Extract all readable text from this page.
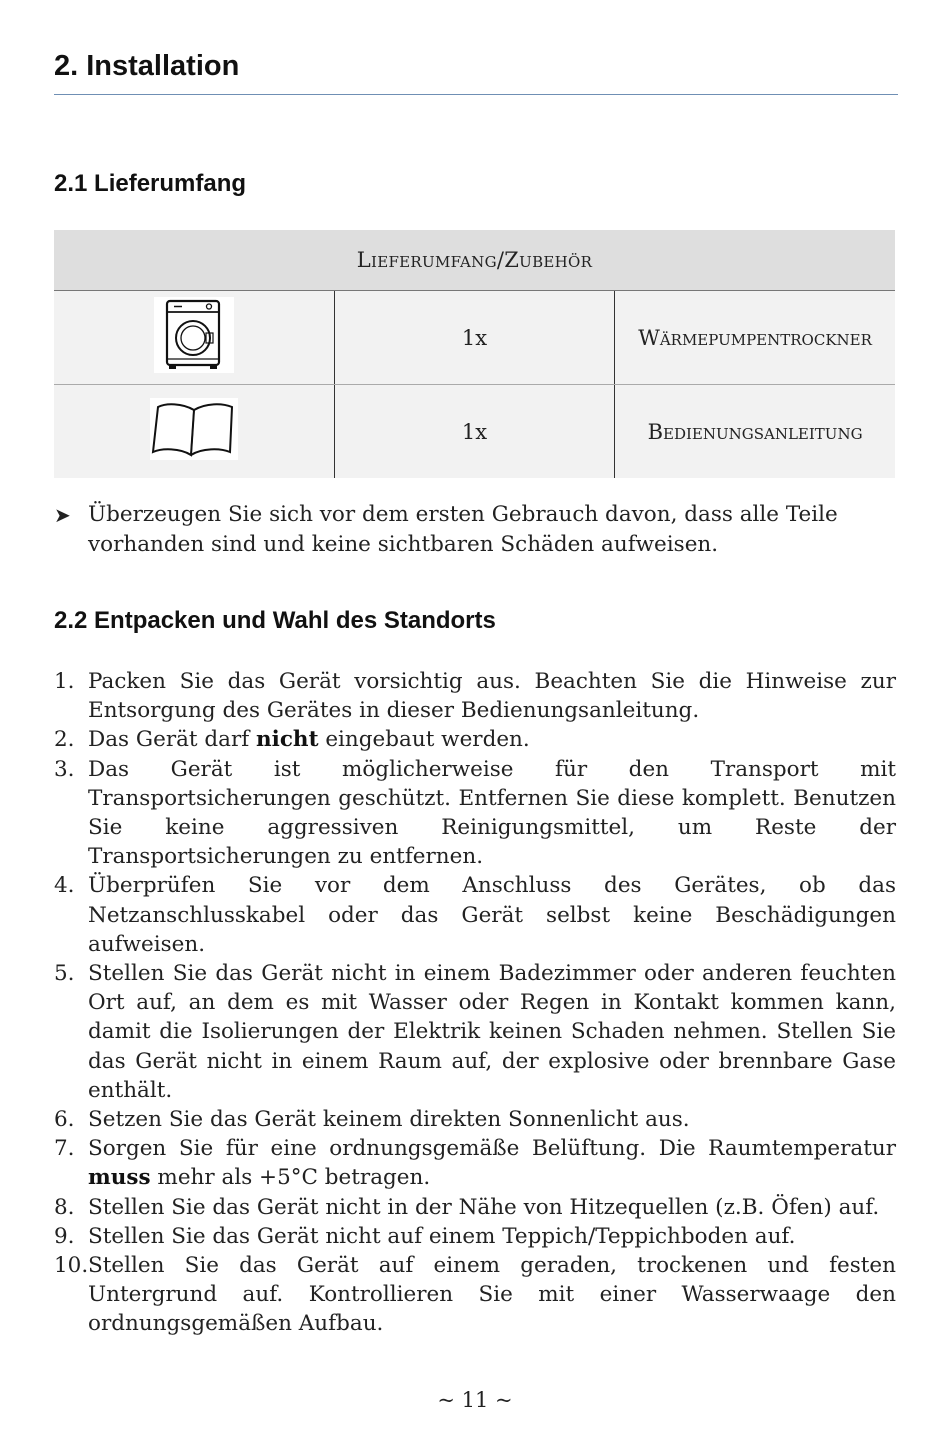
2. Installation
2.1 Lieferumfang
Lieferumfang/Zubehör		
	1x	Wärmepumpentrockner
	1x	Bedienungsanleitung
➤ Überzeugen Sie sich vor dem ersten Gebrauch davon, dass alle Teile vorhanden sind und keine sichtbaren Schäden aufweisen.
2.2 Entpacken und Wahl des Standorts
1. Packen Sie das Gerät vorsichtig aus. Beachten Sie die Hinweise zur Entsorgung des Gerätes in dieser Bedienungsanleitung.
2. Das Gerät darf nicht eingebaut werden.
3. Das Gerät ist möglicherweise für den Transport mit Transportsicherungen geschützt. Entfernen Sie diese komplett. Benutzen Sie keine aggressiven Reinigungsmittel, um Reste der Transportsicherungen zu entfernen.
4. Überprüfen Sie vor dem Anschluss des Gerätes, ob das Netzanschlusskabel oder das Gerät selbst keine Beschädigungen aufweisen.
5. Stellen Sie das Gerät nicht in einem Badezimmer oder anderen feuchten Ort auf, an dem es mit Wasser oder Regen in Kontakt kommen kann, damit die Isolierungen der Elektrik keinen Schaden nehmen. Stellen Sie das Gerät nicht in einem Raum auf, der explosive oder brennbare Gase enthält.
6. Setzen Sie das Gerät keinem direkten Sonnenlicht aus.
7. Sorgen Sie für eine ordnungsgemäße Belüftung. Die Raumtemperatur muss mehr als +5°C betragen.
8. Stellen Sie das Gerät nicht in der Nähe von Hitzequellen (z.B. Öfen) auf.
9. Stellen Sie das Gerät nicht auf einem Teppich/Teppichboden auf.
10. Stellen Sie das Gerät auf einem geraden, trockenen und festen Untergrund auf. Kontrollieren Sie mit einer Wasserwaage den ordnungsgemäßen Aufbau.
~ 11 ~
